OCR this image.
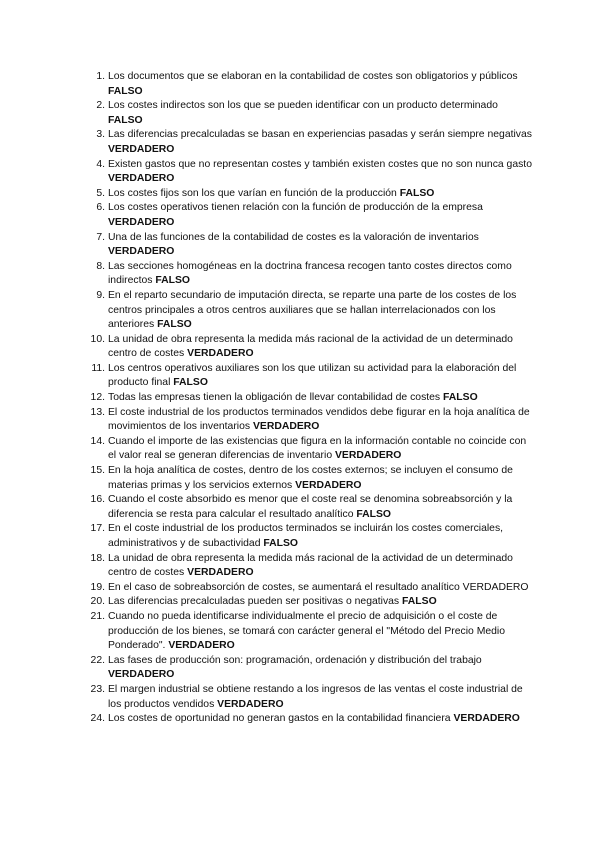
1. Los documentos que se elaboran en la contabilidad de costes son obligatorios y públicos FALSO
2. Los costes indirectos son los que se pueden identificar con un producto determinado FALSO
3. Las diferencias precalculadas se basan en experiencias pasadas y serán siempre negativas VERDADERO
4. Existen gastos que no representan costes y también existen costes que no son nunca gasto VERDADERO
5. Los costes fijos son los que varían en función de la producción FALSO
6. Los costes operativos tienen relación con la función de producción de la empresa VERDADERO
7. Una de las funciones de la contabilidad de costes es la valoración de inventarios VERDADERO
8. Las secciones homogéneas en la doctrina francesa recogen tanto costes directos como indirectos FALSO
9. En el reparto secundario de imputación directa, se reparte una parte de los costes de los centros principales a otros centros auxiliares que se hallan interrelacionados con los anteriores FALSO
10. La unidad de obra representa la medida más racional de la actividad de un determinado centro de costes VERDADERO
11. Los centros operativos auxiliares son los que utilizan su actividad para la elaboración del producto final FALSO
12. Todas las empresas tienen la obligación de llevar contabilidad de costes FALSO
13. El coste industrial de los productos terminados vendidos debe figurar en la hoja analítica de movimientos de los inventarios VERDADERO
14. Cuando el importe de las existencias que figura en la información contable no coincide con el valor real se generan diferencias de inventario VERDADERO
15. En la hoja analítica de costes, dentro de los costes externos; se incluyen el consumo de materias primas y los servicios externos VERDADERO
16. Cuando el coste absorbido es menor que el coste real se denomina sobreabsorción y la diferencia se resta para calcular el resultado analítico FALSO
17. En el coste industrial de los productos terminados se incluirán los costes comerciales, administrativos y de subactividad FALSO
18. La unidad de obra representa la medida más racional de la actividad de un determinado centro de costes VERDADERO
19. En el caso de sobreabsorción de costes, se aumentará el resultado analítico VERDADERO
20. Las diferencias precalculadas pueden ser positivas o negativas FALSO
21. Cuando no pueda identificarse individualmente el precio de adquisición o el coste de producción de los bienes, se tomará con carácter general el "Método del Precio Medio Ponderado". VERDADERO
22. Las fases de producción son: programación, ordenación y distribución del trabajo VERDADERO
23. El margen industrial se obtiene restando a los ingresos de las ventas el coste industrial de los productos vendidos VERDADERO
24. Los costes de oportunidad no generan gastos en la contabilidad financiera VERDADERO
